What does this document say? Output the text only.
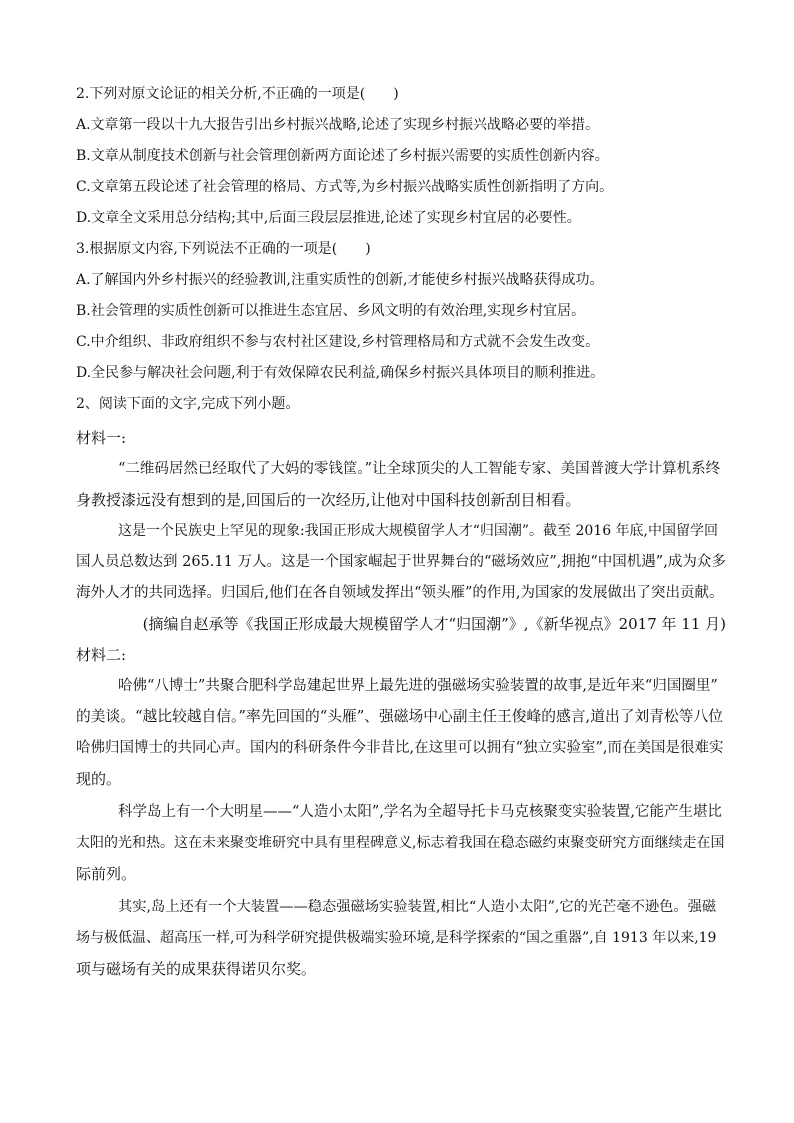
2.下列对原文论证的相关分析,不正确的一项是(　　)
A.文章第一段以十九大报告引出乡村振兴战略,论述了实现乡村振兴战略必要的举措。
B.文章从制度技术创新与社会管理创新两方面论述了乡村振兴需要的实质性创新内容。
C.文章第五段论述了社会管理的格局、方式等,为乡村振兴战略实质性创新指明了方向。
D.文章全文采用总分结构;其中,后面三段层层推进,论述了实现乡村宜居的必要性。
3.根据原文内容,下列说法不正确的一项是(　　)
A.了解国内外乡村振兴的经验教训,注重实质性的创新,才能使乡村振兴战略获得成功。
B.社会管理的实质性创新可以推进生态宜居、乡风文明的有效治理,实现乡村宜居。
C.中介组织、非政府组织不参与农村社区建设,乡村管理格局和方式就不会发生改变。
D.全民参与解决社会问题,利于有效保障农民利益,确保乡村振兴具体项目的顺利推进。
2、阅读下面的文字,完成下列小题。
材料一:
“二维码居然已经取代了大妈的零钱筐。”让全球顶尖的人工智能专家、美国普渡大学计算机系终
身教授漆远没有想到的是,回国后的一次经历,让他对中国科技创新刮目相看。
这是一个民族史上罕见的现象:我国正形成大规模留学人才“归国潮”。截至 2016 年底,中国留学回
国人员总数达到 265.11 万人。这是一个国家崛起于世界舞台的“磁场效应”,拥抱“中国机遇”,成为众多
海外人才的共同选择。归国后,他们在各自领域发挥出“领头雁”的作用,为国家的发展做出了突出贡献。
(摘编自赵承等《我国正形成最大规模留学人才“归国潮”》,《新华视点》2017 年 11 月)
材料二:
哈佛“八博士”共聚合肥科学岛建起世界上最先进的强磁场实验装置的故事,是近年来“归国圈里”
的美谈。“越比较越自信。”率先回国的“头雁”、强磁场中心副主任王俊峰的感言,道出了刘青松等八位
哈佛归国博士的共同心声。国内的科研条件今非昔比,在这里可以拥有“独立实验室”,而在美国是很难实
现的。
科学岛上有一个大明星——“人造小太阳”,学名为全超导托卡马克核聚变实验装置,它能产生堪比
太阳的光和热。这在未来聚变堆研究中具有里程碑意义,标志着我国在稳态磁约束聚变研究方面继续走在国
际前列。
其实,岛上还有一个大装置——稳态强磁场实验装置,相比“人造小太阳”,它的光芒毫不逊色。强磁
场与极低温、超高压一样,可为科学研究提供极端实验环境,是科学探索的“国之重器”,自 1913 年以来,19
项与磁场有关的成果获得诺贝尔奖。
